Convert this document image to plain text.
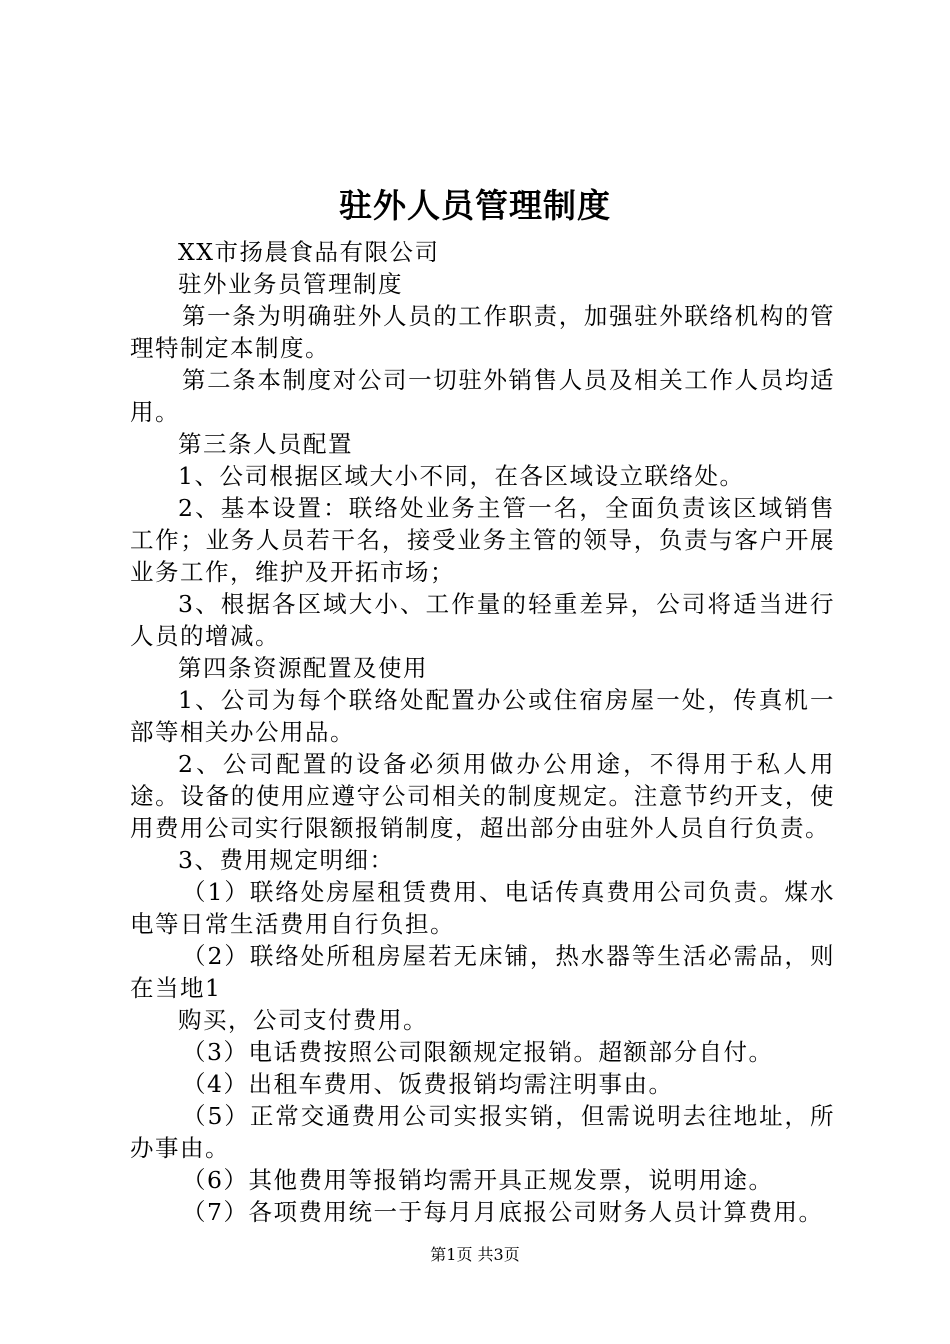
驻外人员管理制度

XX市扬晨食品有限公司

驻外业务员管理制度

第一条为明确驻外人员的工作职责，加强驻外联络机构的管理特制定本制度。

第二条本制度对公司一切驻外销售人员及相关工作人员均适用。

第三条人员配置

1、公司根据区域大小不同，在各区域设立联络处。

2、基本设置：联络处业务主管一名，全面负责该区域销售工作；业务人员若干名，接受业务主管的领导，负责与客户开展业务工作，维护及开拓市场；

3、根据各区域大小、工作量的轻重差异，公司将适当进行人员的增减。

第四条资源配置及使用

1、公司为每个联络处配置办公或住宿房屋一处，传真机一部等相关办公用品。

2、公司配置的设备必须用做办公用途，不得用于私人用途。设备的使用应遵守公司相关的制度规定。注意节约开支，使用费用公司实行限额报销制度，超出部分由驻外人员自行负责。

3、费用规定明细：

（1）联络处房屋租赁费用、电话传真费用公司负责。煤水电等日常生活费用自行负担。

（2）联络处所租房屋若无床铺，热水器等生活必需品，则在当地1

购买，公司支付费用。

（3）电话费按照公司限额规定报销。超额部分自付。

（4）出租车费用、饭费报销均需注明事由。

（5）正常交通费用公司实报实销，但需说明去往地址，所办事由。

（6）其他费用等报销均需开具正规发票，说明用途。

（7）各项费用统一于每月月底报公司财务人员计算费用。

第1页 共3页
